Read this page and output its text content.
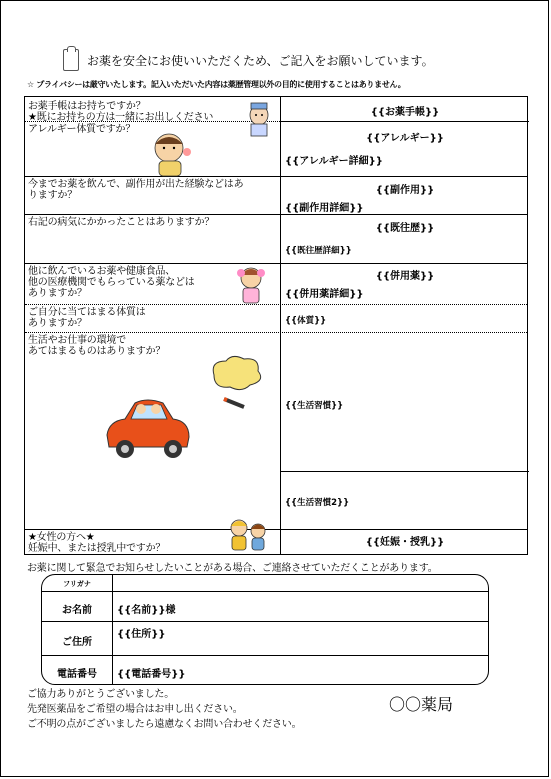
お薬を安全にお使いいただくため、ご記入をお願いしています。
☆ プライバシーは厳守いたします。記入いただいた内容は薬歴管理以外の目的に使用することはありません。
お薬手帳はお持ちですか？
★既にお持ちの方は一緒にお出しください
アレルギー体質ですか？
今までお薬を飲んで、副作用が出た経験などはあ
りますか？
右記の病気にかかったことはありますか？
他に飲んでいるお薬や健康食品、
他の医療機関でもらっている薬などは
ありますか？
ご自分に当てはまる体質は
ありますか？
生活やお仕事の環境で
あてはまるものはありますか？
★女性の方へ★
妊娠中、または授乳中ですか？
{{お薬手帳}}
{{アレルギー}}
{{アレルギー詳細}}
{{副作用}}
{{副作用詳細}}
{{既往歴}}
{{既往歴詳細}}
{{併用薬}}
{{併用薬詳細}}
{{体質}}
{{生活習慣}}
{{生活習慣2}}
{{妊娠・授乳}}
お薬に関して緊急でお知らせしたいことがある場合、ご連絡させていただくことがあります。
フリガナ
お名前	{{名前}}様
ご住所
{{住所}}
電話番号	{{電話番号}}
ご協力ありがとうございました。
先発医薬品をご希望の場合はお申し出ください。
ご不明の点がございましたら遠慮なくお問い合わせください。
〇〇薬局
